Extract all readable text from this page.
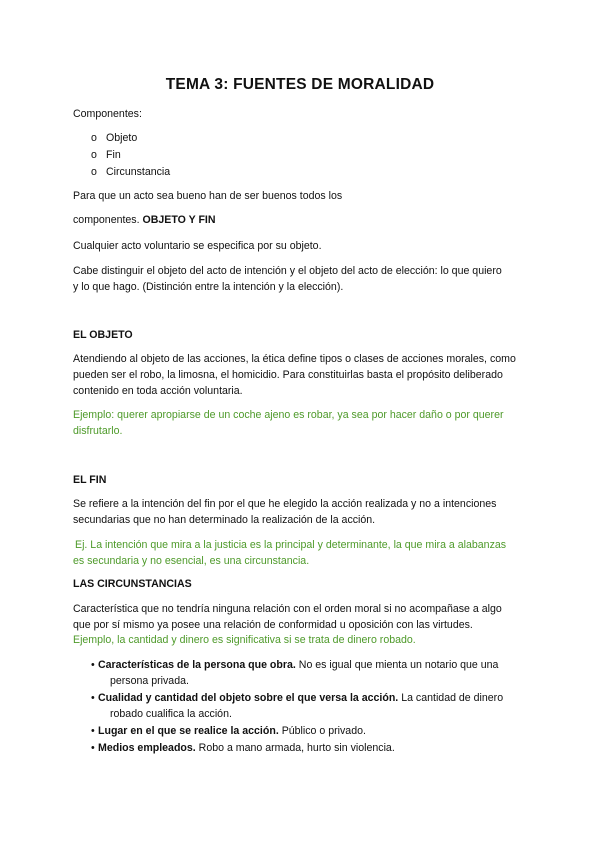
TEMA 3: FUENTES DE MORALIDAD
Componentes:
o Objeto
o Fin
o Circunstancia
Para que un acto sea bueno han de ser buenos todos los
componentes. OBJETO Y FIN
Cualquier acto voluntario se especifica por su objeto.
Cabe distinguir el objeto del acto de intención y el objeto del acto de elección: lo que quiero
y lo que hago. (Distinción entre la intención y la elección).
EL OBJETO
Atendiendo al objeto de las acciones, la ética define tipos o clases de acciones morales, como
pueden ser el robo, la limosna, el homicidio. Para constituirlas basta el propósito deliberado
contenido en toda acción voluntaria.
Ejemplo: querer apropiarse de un coche ajeno es robar, ya sea por hacer daño o por querer
disfrutarlo.
EL FIN
Se refiere a la intención del fin por el que he elegido la acción realizada y no a intenciones
secundarias que no han determinado la realización de la acción.
Ej. La intención que mira a la justicia es la principal y determinante, la que mira a alabanzas
es secundaria y no esencial, es una circunstancia.
LAS CIRCUNSTANCIAS
Característica que no tendría ninguna relación con el orden moral si no acompañase a algo
que por sí mismo ya posee una relación de conformidad u oposición con las virtudes.
Ejemplo, la cantidad y dinero es significativa si se trata de dinero robado.
• Características de la persona que obra. No es igual que mienta un notario que una
persona privada.
• Cualidad y cantidad del objeto sobre el que versa la acción. La cantidad de dinero
robado cualifica la acción.
• Lugar en el que se realice la acción. Público o privado.
• Medios empleados. Robo a mano armada, hurto sin violencia.
